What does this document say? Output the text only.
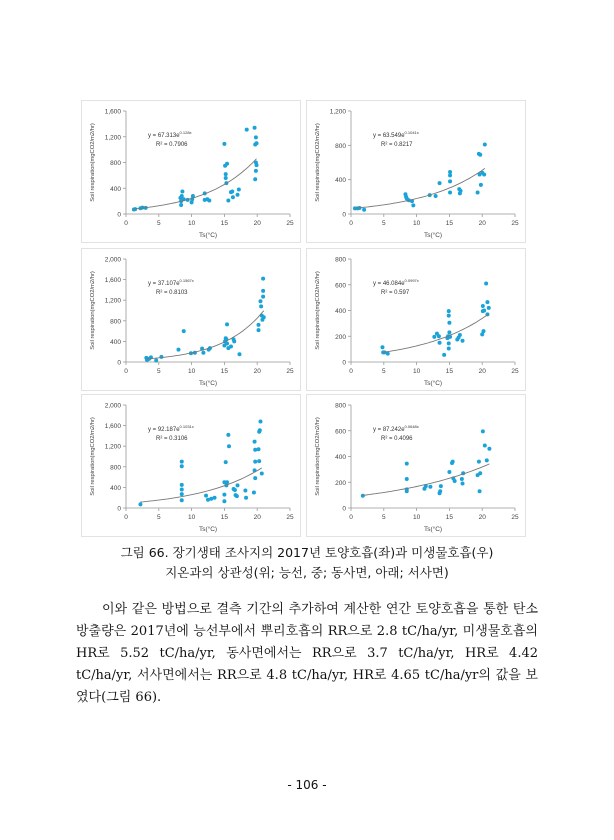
0
400
800
1,200
1,600
0	5	10	15	20	25
Ts(°C)
Soil respiration(mgCO2/m2/hr)	$y = 67.313e^{0.128x}$
R² = 0.7906
0
400
800
1,200
0	5	10	15	20	25
Ts(°C)
Soil respiration(mgCO2/m2/hr)	$y = 63.549e^{0.1041x}$
R² = 0.8217
0
400
800
1,200
1,600
2,000
0	5	10	15	20	25
Ts(°C)
Soil respiration(mgCO2/m2/hr)	$y = 37.107e^{0.1567x}$
R² = 0.8103
0
200
400
600
800
0	5	10	15	20	25
Ts(°C)
Soil respiration(mgCO2/m2/hr)	$y = 46.084e^{0.0997x}$
R² = 0.597
0
400
800
1,200
1,600
2,000
0	5	10	15	20	25
Ts(°C)
Soil respiration(mgCO2/m2/hr)	$y = 92.187e^{0.1031x}$
R² = 0.3106
0
200
400
600
800
0	5	10	15	20	25
Ts(°C)
Soil respiration(mgCO2/m2/hr)	$y = 87.242e^{0.0648x}$
R² = 0.4096
그림 66. 장기생태 조사지의 2017년 토양호흡(좌)과 미생물호흡(우)
지온과의 상관성(위; 능선, 중; 동사면, 아래; 서사면)
이와 같은 방법으로 결측 기간의 추가하여 계산한 연간 토양호흡을 통한 탄소방출량은 2017년에 능선부에서 뿌리호흡의 RR으로 2.8 tC/ha/yr, 미생물호흡의 HR로 5.52 tC/ha/yr, 동사면에서는 RR으로 3.7 tC/ha/yr, HR로 4.42 tC/ha/yr, 서사면에서는 RR으로 4.8 tC/ha/yr, HR로 4.65 tC/ha/yr의 값을 보였다(그림 66).
- 106 -
